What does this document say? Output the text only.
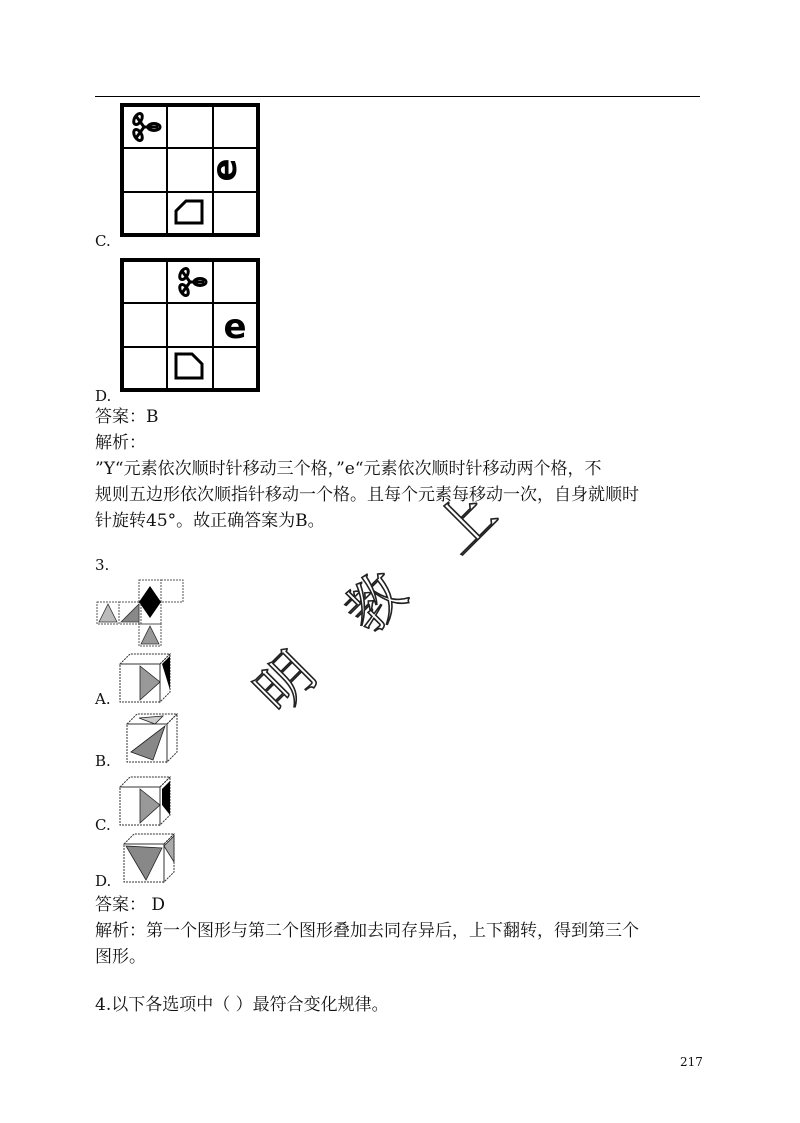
e
C.
e
D.
答案：B
解析：
”Y“元素依次顺时针移动三个格，”e“元素依次顺时针移动两个格，不
规则五边形依次顺指针移动一个格。且每个元素每移动一次，自身就顺时
针旋转45°。故正确答案为B。
3.
A.
B.
C.
D.
答案： D
解析：第一个图形与第二个图形叠加去同存异后，上下翻转，得到第三个
图形。
4.以下各选项中（ ）最符合变化规律。
明
教
上
217
